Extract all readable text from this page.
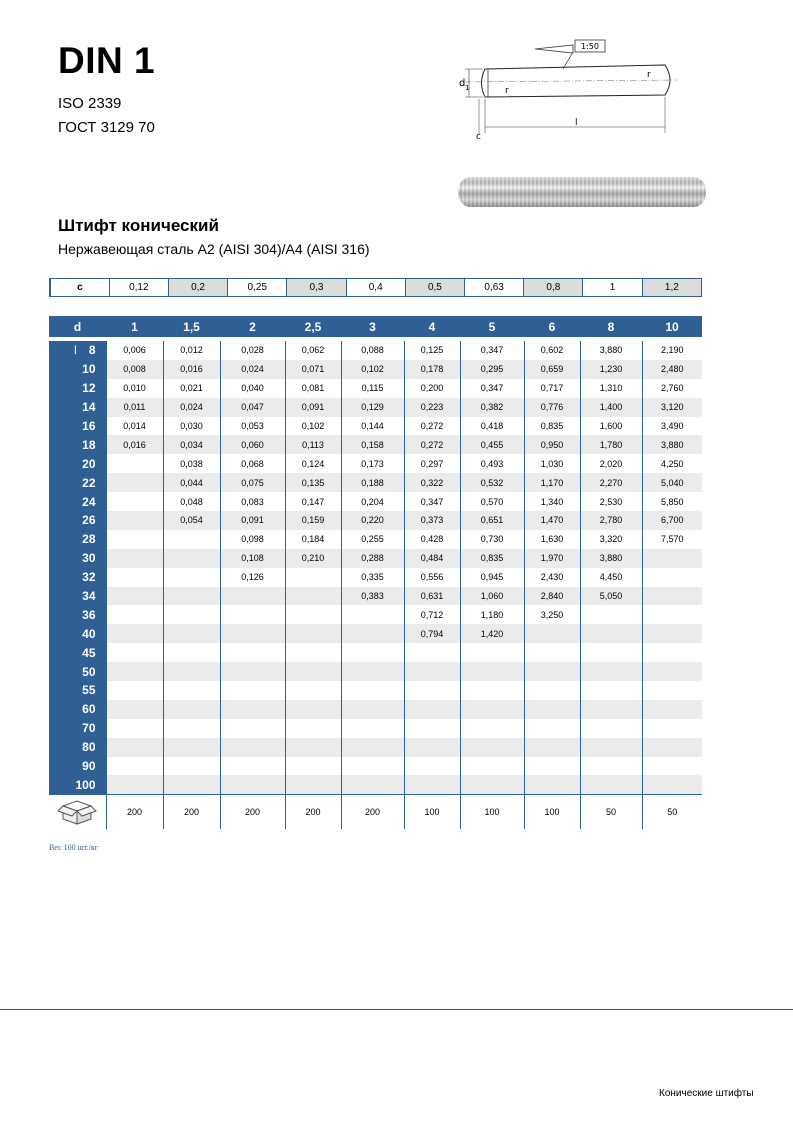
DIN 1
ISO 2339
ГОСТ 3129 70
1:50
d 1
r
r
l
c
Штифт конический
Нержавеющая сталь A2 (AISI 304)/A4 (AISI 316)
c	0,12	0,2	0,25	0,3	0,4	0,5	0,63	0,8	1	1,2
d	1	1,5	2	2,5	3	4	5	6	8	10

l 8	0,006	0,012	0,028	0,062	0,088	0,125	0,347	0,602	3,880	2,190
10	0,008	0,016	0,024	0,071	0,102	0,178	0,295	0,659	1,230	2,480
12	0,010	0,021	0,040	0,081	0,115	0,200	0,347	0,717	1,310	2,760
14	0,011	0,024	0,047	0,091	0,129	0,223	0,382	0,776	1,400	3,120
16	0,014	0,030	0,053	0,102	0,144	0,272	0,418	0,835	1,600	3,490
18	0,016	0,034	0,060	0,113	0,158	0,272	0,455	0,950	1,780	3,880
20		0,038	0,068	0,124	0,173	0,297	0,493	1,030	2,020	4,250
22		0,044	0,075	0,135	0,188	0,322	0,532	1,170	2,270	5,040
24		0,048	0,083	0,147	0,204	0,347	0,570	1,340	2,530	5,850
26		0,054	0,091	0,159	0,220	0,373	0,651	1,470	2,780	6,700
28			0,098	0,184	0,255	0,428	0,730	1,630	3,320	7,570
30			0,108	0,210	0,288	0,484	0,835	1,970	3,880	
32			0,126		0,335	0,556	0,945	2,430	4,450	
34					0,383	0,631	1,060	2,840	5,050	
36						0,712	1,180	3,250		
40						0,794	1,420			
45										
50										
55										
60										
70										
80										
90										
100										
	200	200	200	200	200	100	100	100	50	50
Вес 100 шт./кг
Конические штифты
